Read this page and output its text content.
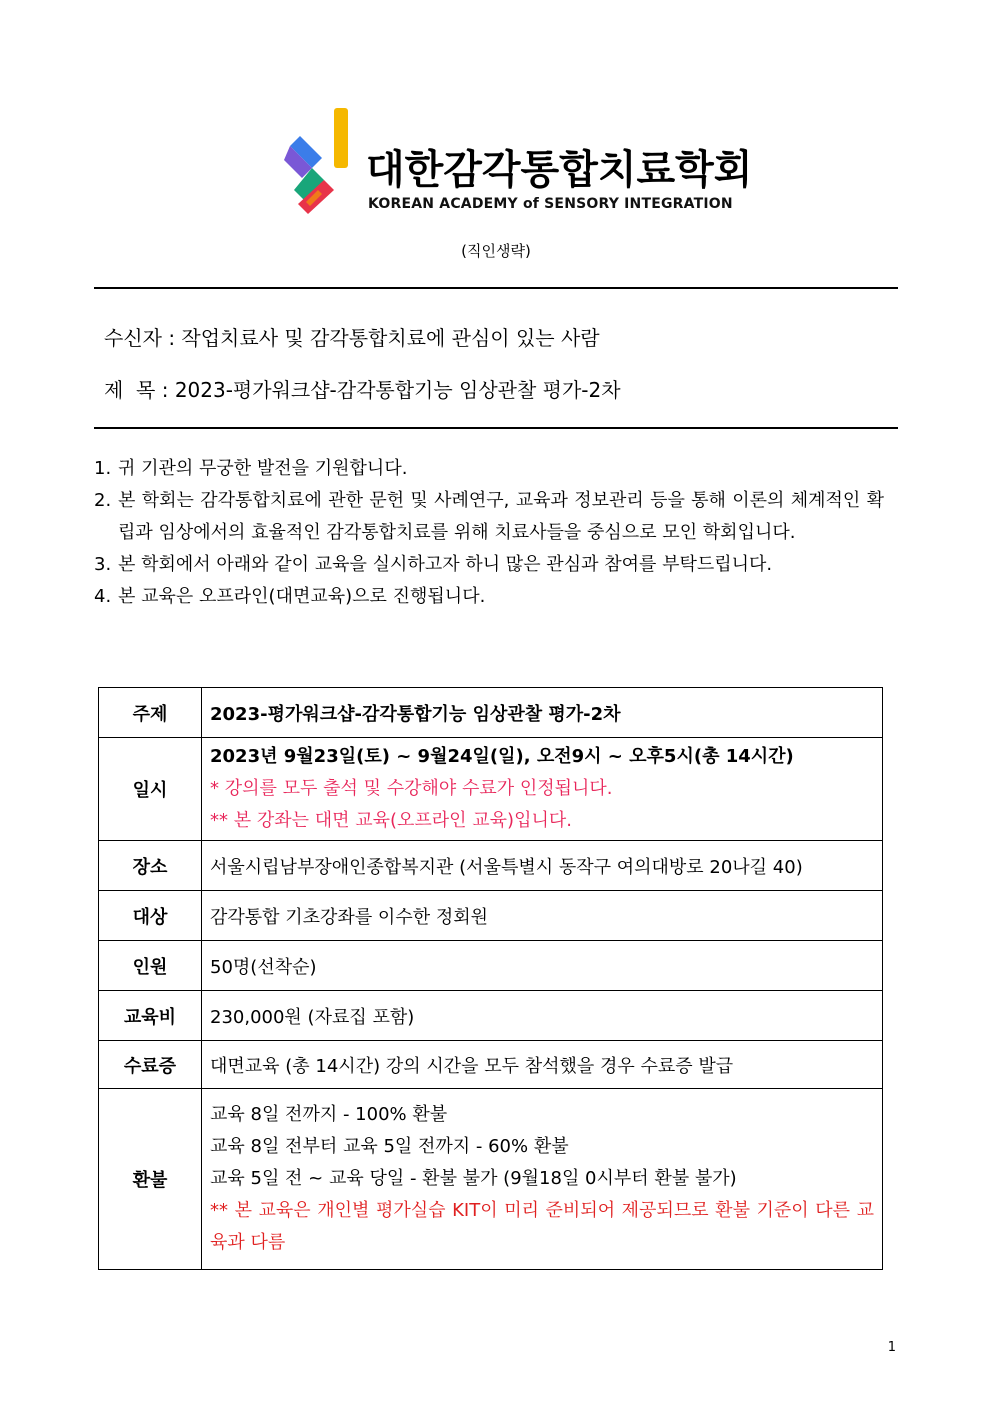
대한감각통합치료학회
KOREAN ACADEMY of SENSORY INTEGRATION
(직인생략)
수신자 : 작업치료사 및 감각통합치료에 관심이 있는 사람
제  목 : 2023-평가워크샵-감각통합기능 임상관찰 평가-2차
1. 귀 기관의 무궁한 발전을 기원합니다.
2. 본 학회는 감각통합치료에 관한 문헌 및 사례연구, 교육과 정보관리 등을 통해 이론의 체계적인 확립과 임상에서의 효율적인 감각통합치료를 위해 치료사들을 중심으로 모인 학회입니다.
3. 본 학회에서 아래와 같이 교육을 실시하고자 하니 많은 관심과 참여를 부탁드립니다.
4. 본 교육은 오프라인(대면교육)으로 진행됩니다.
주제	2023-평가워크샵-감각통합기능 임상관찰 평가-2차
일시	2023년 9월23일(토) ~ 9월24일(일), 오전9시 ~ 오후5시(총 14시간)
* 강의를 모두 출석 및 수강해야 수료가 인정됩니다.
** 본 강좌는 대면 교육(오프라인 교육)입니다.

장소	서울시립남부장애인종합복지관 (서울특별시 동작구 여의대방로 20나길 40)
대상	감각통합 기초강좌를 이수한 정회원
인원	50명(선착순)
교육비	230,000원 (자료집 포함)
수료증	대면교육 (총 14시간) 강의 시간을 모두 참석했을 경우 수료증 발급
환불	교육 8일 전까지 - 100% 환불
교육 8일 전부터 교육 5일 전까지 - 60% 환불
교육 5일 전 ~ 교육 당일 - 환불 불가 (9월18일 0시부터 환불 불가)
** 본 교육은 개인별 평가실습 KIT이 미리 준비되어 제공되므로 환불 기준이 다른 교육과 다름
1
